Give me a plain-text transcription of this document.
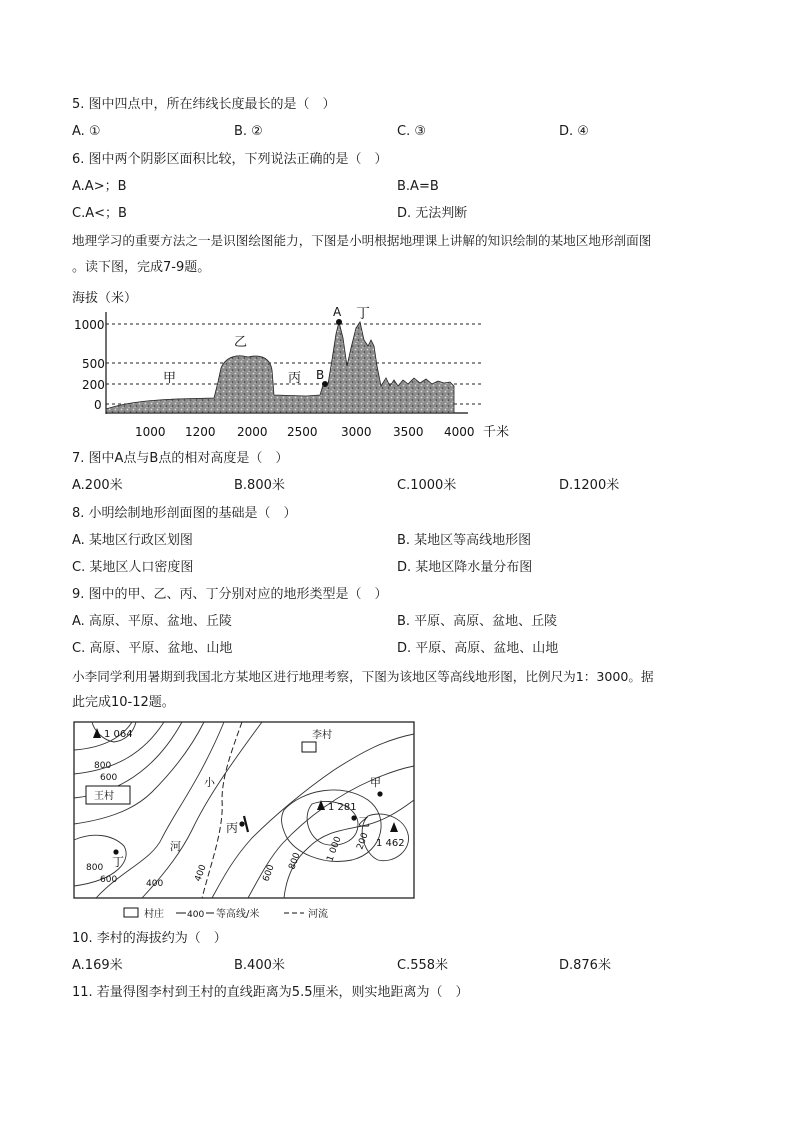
5. 图中四点中，所在纬线长度最长的是（　）
A. ①	B. ②	C. ③	D. ④
6. 图中两个阴影区面积比较，下列说法正确的是（　）
A.A>；B	B.A=B
C.A<；B	D. 无法判断
地理学习的重要方法之一是识图绘图能力，下图是小明根据地理课上讲解的知识绘制的某地区地形剖面图
。读下图，完成7-9题。
海拔（米）
1000
500
200
0
A
B
甲
乙
丙
丁
1000 1200 2000 2500 3000 3500 4000 千米
7. 图中A点与B点的相对高度是（　）
A.200米	B.800米	C.1000米	D.1200米
8. 小明绘制地形剖面图的基础是（　）
A. 某地区行政区划图	B. 某地区等高线地形图
C. 某地区人口密度图	D. 某地区降水量分布图
9. 图中的甲、乙、丙、丁分别对应的地形类型是（　）
A. 高原、平原、盆地、丘陵	B. 平原、高原、盆地、丘陵
C. 高原、平原、盆地、山地	D. 平原、高原、盆地、山地
小李同学利用暑期到我国北方某地区进行地理考察，下图为该地区等高线地形图，比例尺为1：3000。据
此完成10-12题。
1 064
1 281
1 462
李村
王村
甲
乙
丙
丁
800
600
400
400	600
800	1 000 200
800
600
小
河
村庄	400 等高线/米	河流
10. 李村的海拔约为（　）
A.169米	B.400米	C.558米	D.876米
11. 若量得图李村到王村的直线距离为5.5厘米，则实地距离为（　）
